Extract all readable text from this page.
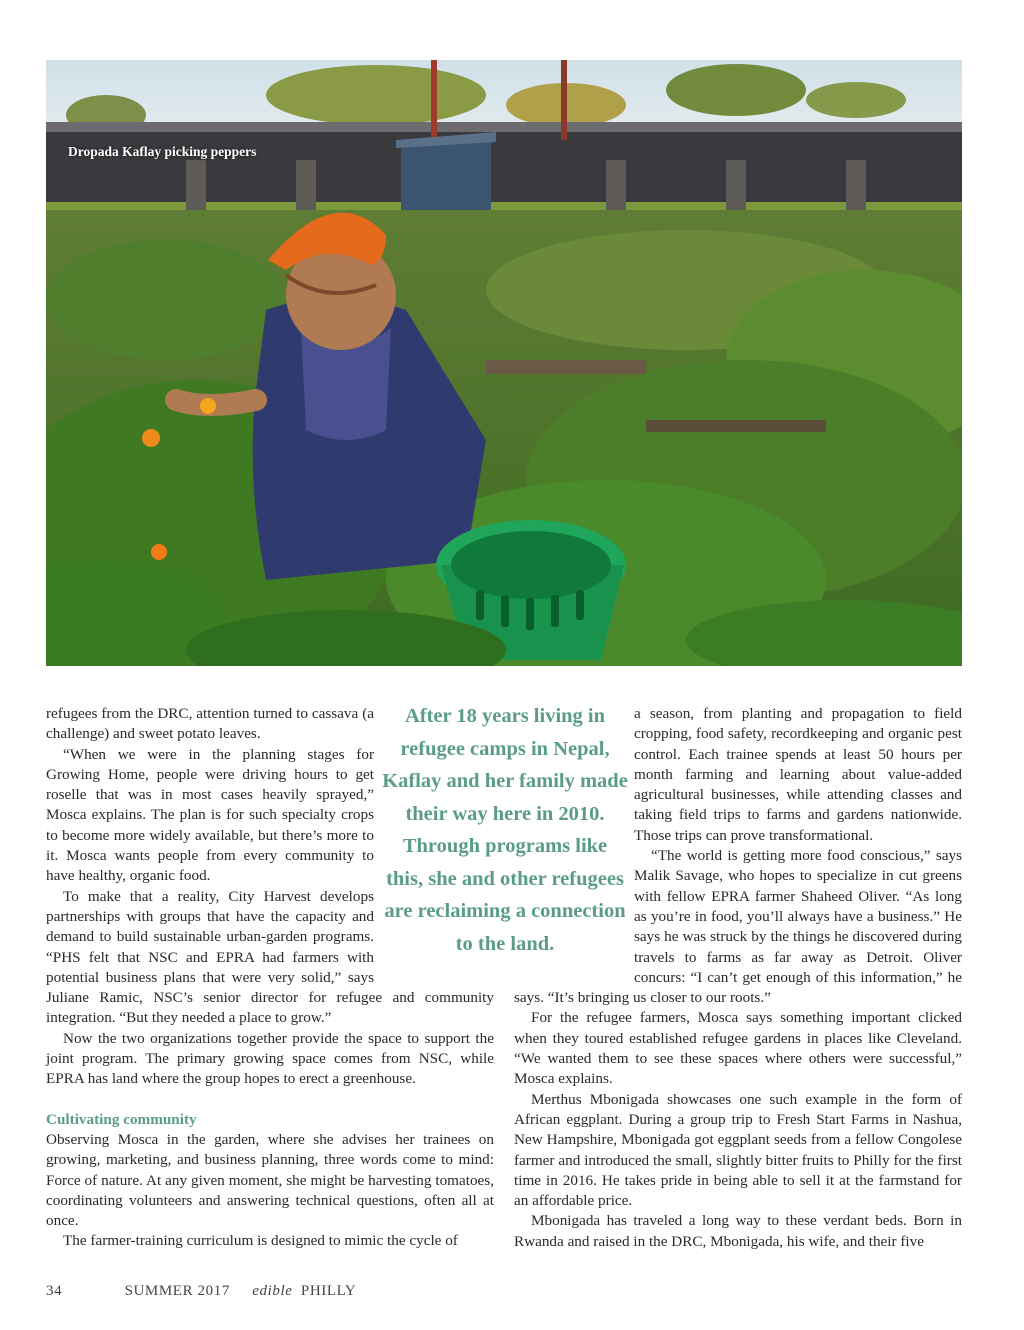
Dropada Kaflay picking peppers
After 18 years living in refugee camps in Nepal, Kaflay and her family made their way here in 2010. Through programs like this, she and other refugees are reclaiming a connection to the land.

refugees from the DRC, attention turned to cassava (a challenge) and sweet potato leaves.

“When we were in the planning stages for Growing Home, people were driving hours to get roselle that was in most cases heavily sprayed,” Mosca explains. The plan is for such specialty crops to become more widely available, but there’s more to it. Mosca wants people from every community to have healthy, organic food.

To make that a reality, City Harvest develops partnerships with groups that have the capacity and demand to build sustainable urban-garden programs. “PHS felt that NSC and EPRA had farmers with potential business plans that were very solid,” says Juliane Ramic, NSC’s senior director for refugee and community integration. “But they needed a place to grow.”

Now the two organizations together provide the space to support the joint program. The primary growing space comes from NSC, while EPRA has land where the group hopes to erect a greenhouse.

Cultivating community

Observing Mosca in the garden, where she advises her trainees on growing, marketing, and business planning, three words come to mind: Force of nature. At any given moment, she might be harvesting tomatoes, coordinating volunteers and answering technical questions, often all at once.

The farmer-training curriculum is designed to mimic the cycle of

a season, from planting and propagation to field cropping, food safety, recordkeeping and organic pest control. Each trainee spends at least 50 hours per month farming and learning about value-added agricultural businesses, while attending classes and taking field trips to farms and gardens nationwide. Those trips can prove transformational.

“The world is getting more food conscious,” says Malik Savage, who hopes to specialize in cut greens with fellow EPRA farmer Shaheed Oliver. “As long as you’re in food, you’ll always have a business.” He says he was struck by the things he discovered during travels to farms as far away as Detroit. Oliver concurs: “I can’t get enough of this information,” he says. “It’s bringing us closer to our roots.”

For the refugee farmers, Mosca says something important clicked when they toured established refugee gardens in places like Cleveland. “We wanted them to see these spaces where others were successful,” Mosca explains.

Merthus Mbonigada showcases one such example in the form of African eggplant. During a group trip to Fresh Start Farms in Nashua, New Hampshire, Mbonigada got eggplant seeds from a fellow Congolese farmer and introduced the small, slightly bitter fruits to Philly for the first time in 2016. He takes pride in being able to sell it at the farmstand for an affordable price.

Mbonigada has traveled a long way to these verdant beds. Born in Rwanda and raised in the DRC, Mbonigada, his wife, and their five

34	SUMMER 2017 edible PHILLY
